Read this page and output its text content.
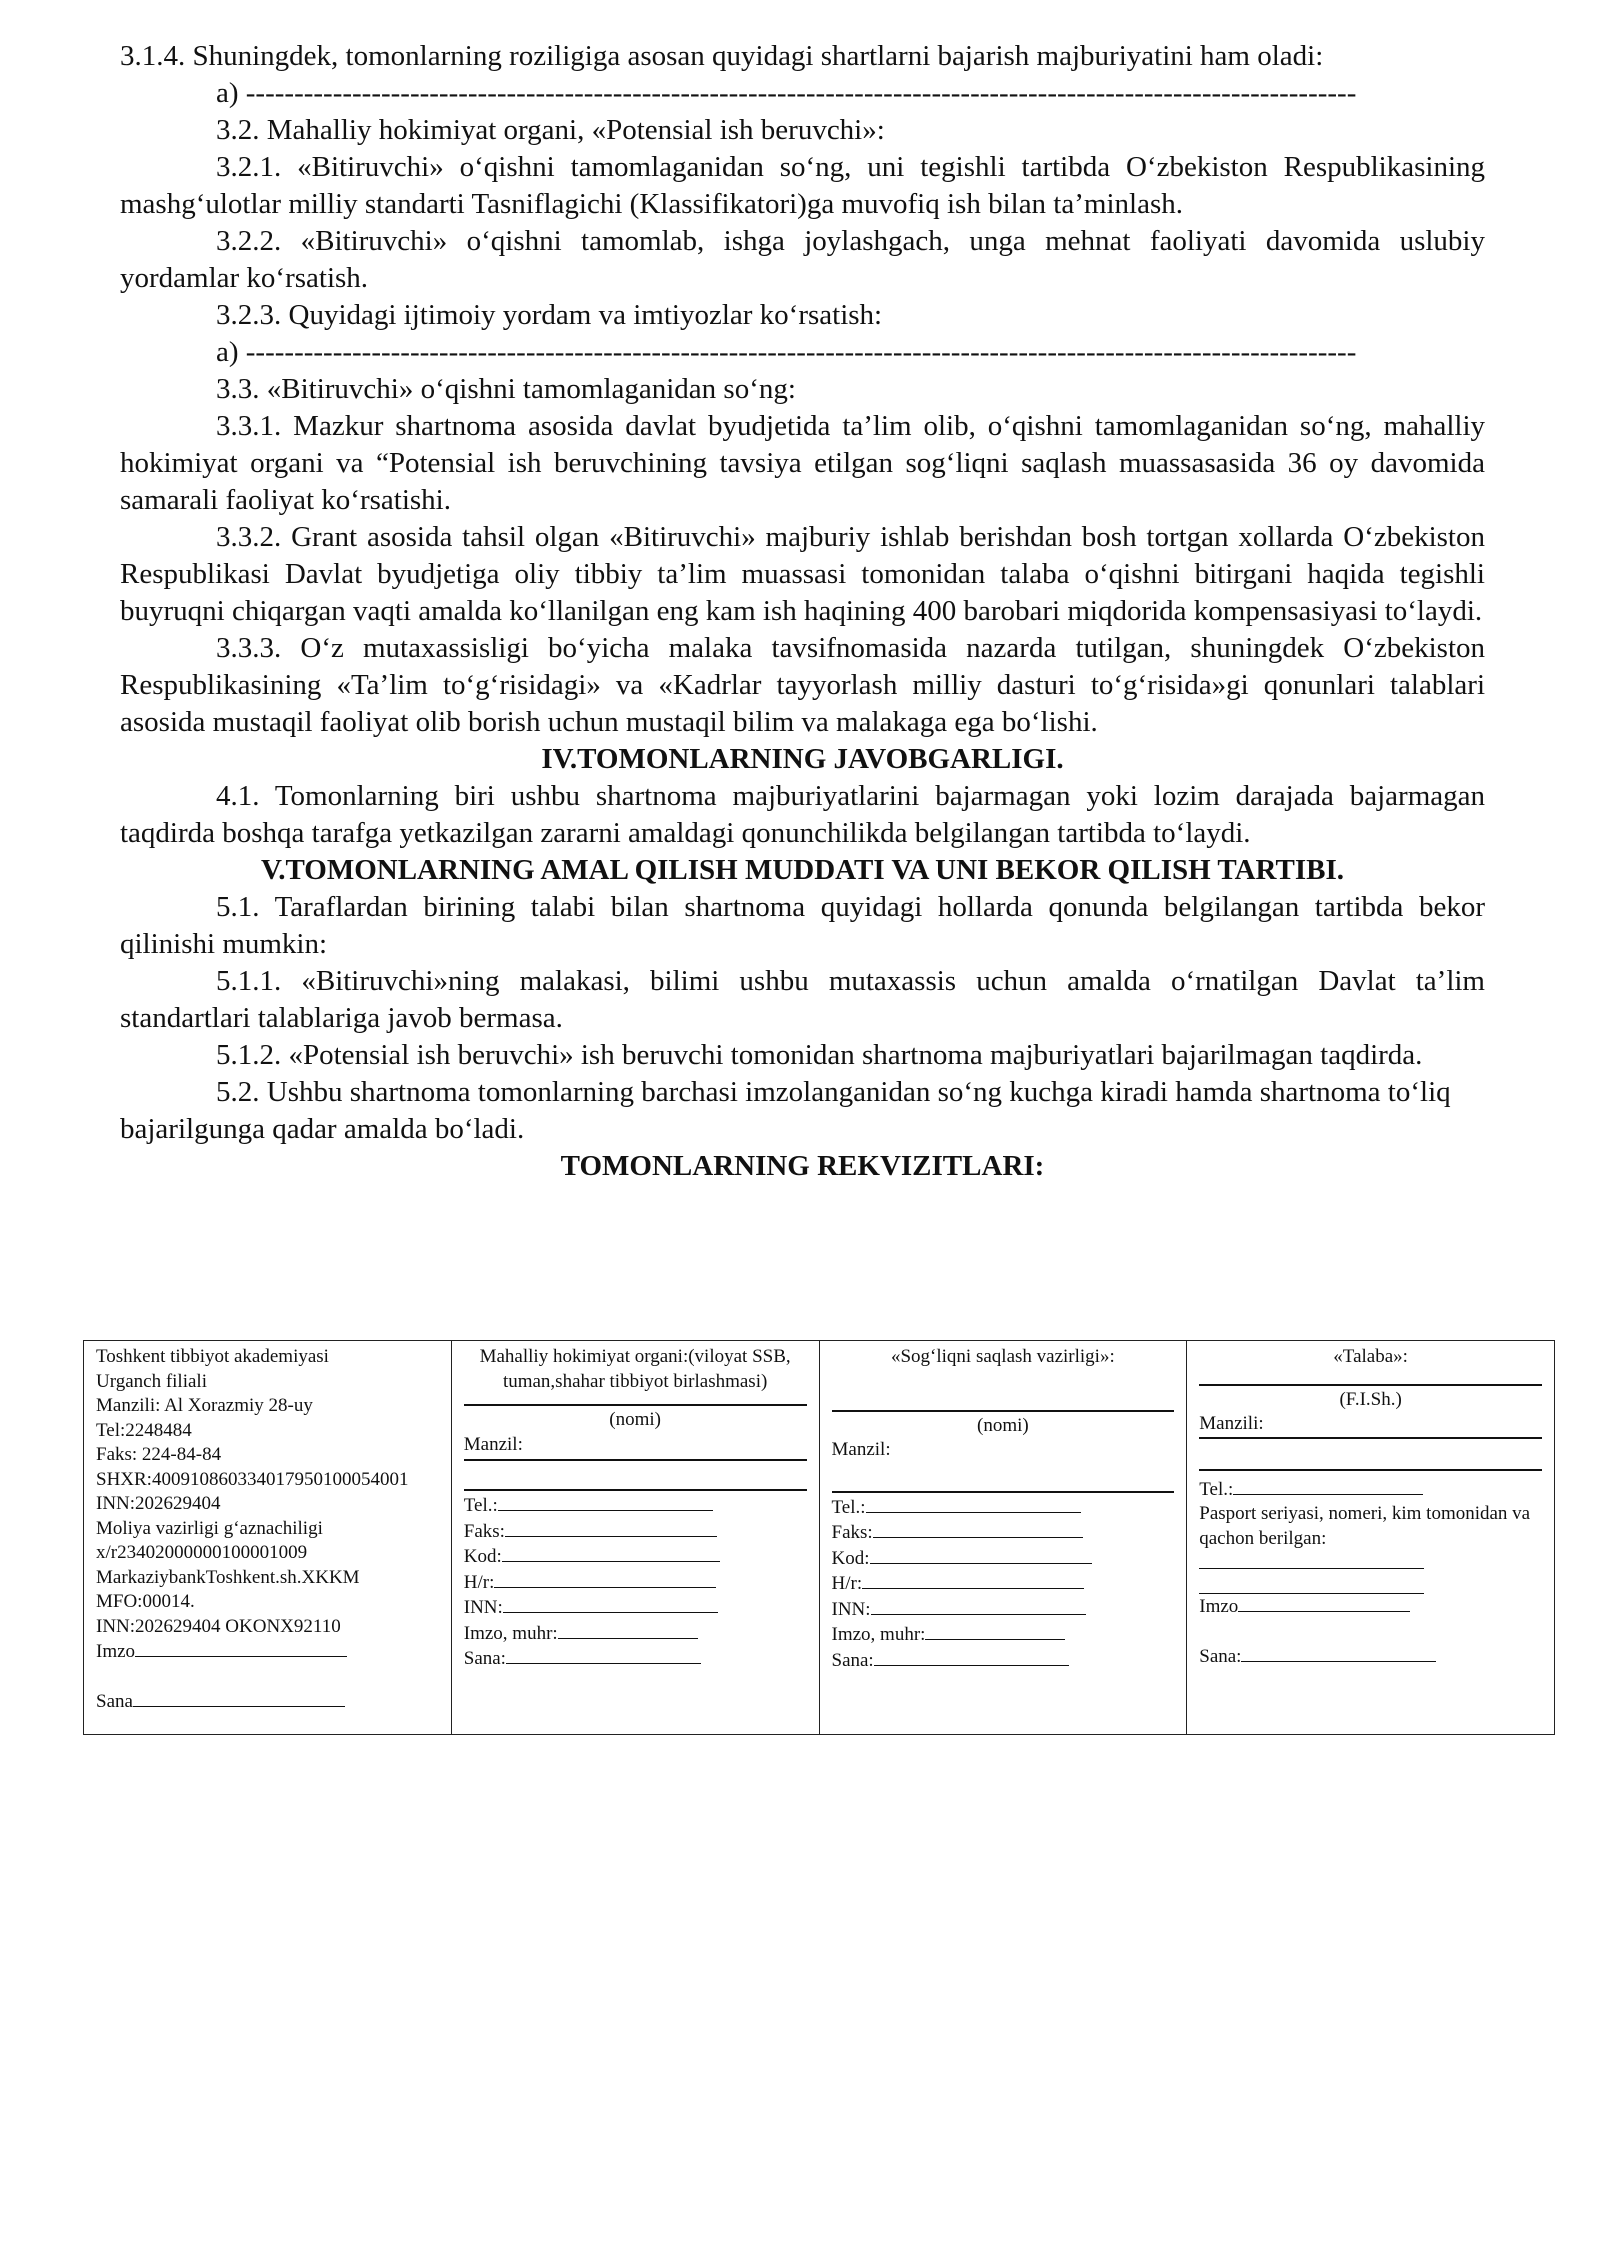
3.1.4. Shuningdek, tomonlarning roziligiga asosan quyidagi shartlarni bajarish majburiyatini ham oladi:

a) -------------------------------------------------------------------------------------------------------------------

3.2. Mahalliy hokimiyat organi, «Potensial ish beruvchi»:

3.2.1. «Bitiruvchi» o‘qishni tamomlaganidan so‘ng, uni tegishli tartibda O‘zbekiston Respublikasining mashg‘ulotlar milliy standarti Tasniflagichi (Klassifikatori)ga muvofiq ish bilan ta’minlash.

3.2.2. «Bitiruvchi» o‘qishni tamomlab, ishga joylashgach, unga mehnat faoliyati davomida uslubiy yordamlar ko‘rsatish.

3.2.3. Quyidagi ijtimoiy yordam va imtiyozlar ko‘rsatish:

a) -------------------------------------------------------------------------------------------------------------------

3.3. «Bitiruvchi» o‘qishni tamomlaganidan so‘ng:

3.3.1. Mazkur shartnoma asosida davlat byudjetida ta’lim olib, o‘qishni tamomlaganidan so‘ng, mahalliy hokimiyat organi va “Potensial ish beruvchining tavsiya etilgan sog‘liqni saqlash muassasasida 36 oy davomida samarali faoliyat ko‘rsatishi.

3.3.2. Grant asosida tahsil olgan «Bitiruvchi» majburiy ishlab berishdan bosh tortgan xollarda O‘zbekiston Respublikasi Davlat byudjetiga oliy tibbiy ta’lim muassasi tomonidan talaba o‘qishni bitirgani haqida tegishli buyruqni chiqargan vaqti amalda ko‘llanilgan eng kam ish haqining 400 barobari miqdorida kompensasiyasi to‘laydi.

3.3.3. O‘z mutaxassisligi bo‘yicha malaka tavsifnomasida nazarda tutilgan, shuningdek O‘zbekiston Respublikasining «Ta’lim to‘g‘risidagi» va «Kadrlar tayyorlash milliy dasturi to‘g‘risida»gi qonunlari talablari asosida mustaqil faoliyat olib borish uchun mustaqil bilim va malakaga ega bo‘lishi.

IV.TOMONLARNING JAVOBGARLIGI.

4.1. Tomonlarning biri ushbu shartnoma majburiyatlarini bajarmagan yoki lozim darajada bajarmagan taqdirda boshqa tarafga yetkazilgan zararni amaldagi qonunchilikda belgilangan tartibda to‘laydi.

V.TOMONLARNING AMAL QILISH MUDDATI VA UNI BEKOR QILISH TARTIBI.

5.1. Taraflardan birining talabi bilan shartnoma quyidagi hollarda qonunda belgilangan tartibda bekor qilinishi mumkin:

5.1.1. «Bitiruvchi»ning malakasi, bilimi ushbu mutaxassis uchun amalda o‘rnatilgan Davlat ta’lim standartlari talablariga javob bermasa.

5.1.2. «Potensial ish beruvchi» ish beruvchi tomonidan shartnoma majburiyatlari bajarilmagan taqdirda.

5.2. Ushbu shartnoma tomonlarning barchasi imzolanganidan so‘ng kuchga kiradi hamda shartnoma to‘liq bajarilgunga qadar amalda bo‘ladi.

TOMONLARNING REKVIZITLARI:

Toshkent tibbiyot akademiyasi
Urganch filiali
Manzili: Al Xorazmiy 28-uy
Tel:2248484
Faks: 224-84-84
SHXR:40091086033401795010005400​1
INN:202629404
Moliya vazirligi g‘aznachiligi
x/r23402000000100001009
MarkaziybankToshkent.sh.XKKM
MFO:00014.
INN:202629404 OKONX92110
Imzo
Sana

Mahalliy hokimiyat organi:(viloyat SSB, tuman,shahar tibbiyot birlashmasi)
(nomi)
Manzil:
Tel.:
Faks:
Kod:
H/r:
INN:
Imzo, muhr:
Sana:

«Sog‘liqni saqlash vazirligi»:
(nomi)
Manzil:
Tel.:
Faks:
Kod:
H/r:
INN:
Imzo, muhr:
Sana:

«Talaba»:
(F.I.Sh.)
Manzili:
Tel.:
Pasport seriyasi, nomeri, kim tomonidan va qachon berilgan:
Imzo
Sana:
